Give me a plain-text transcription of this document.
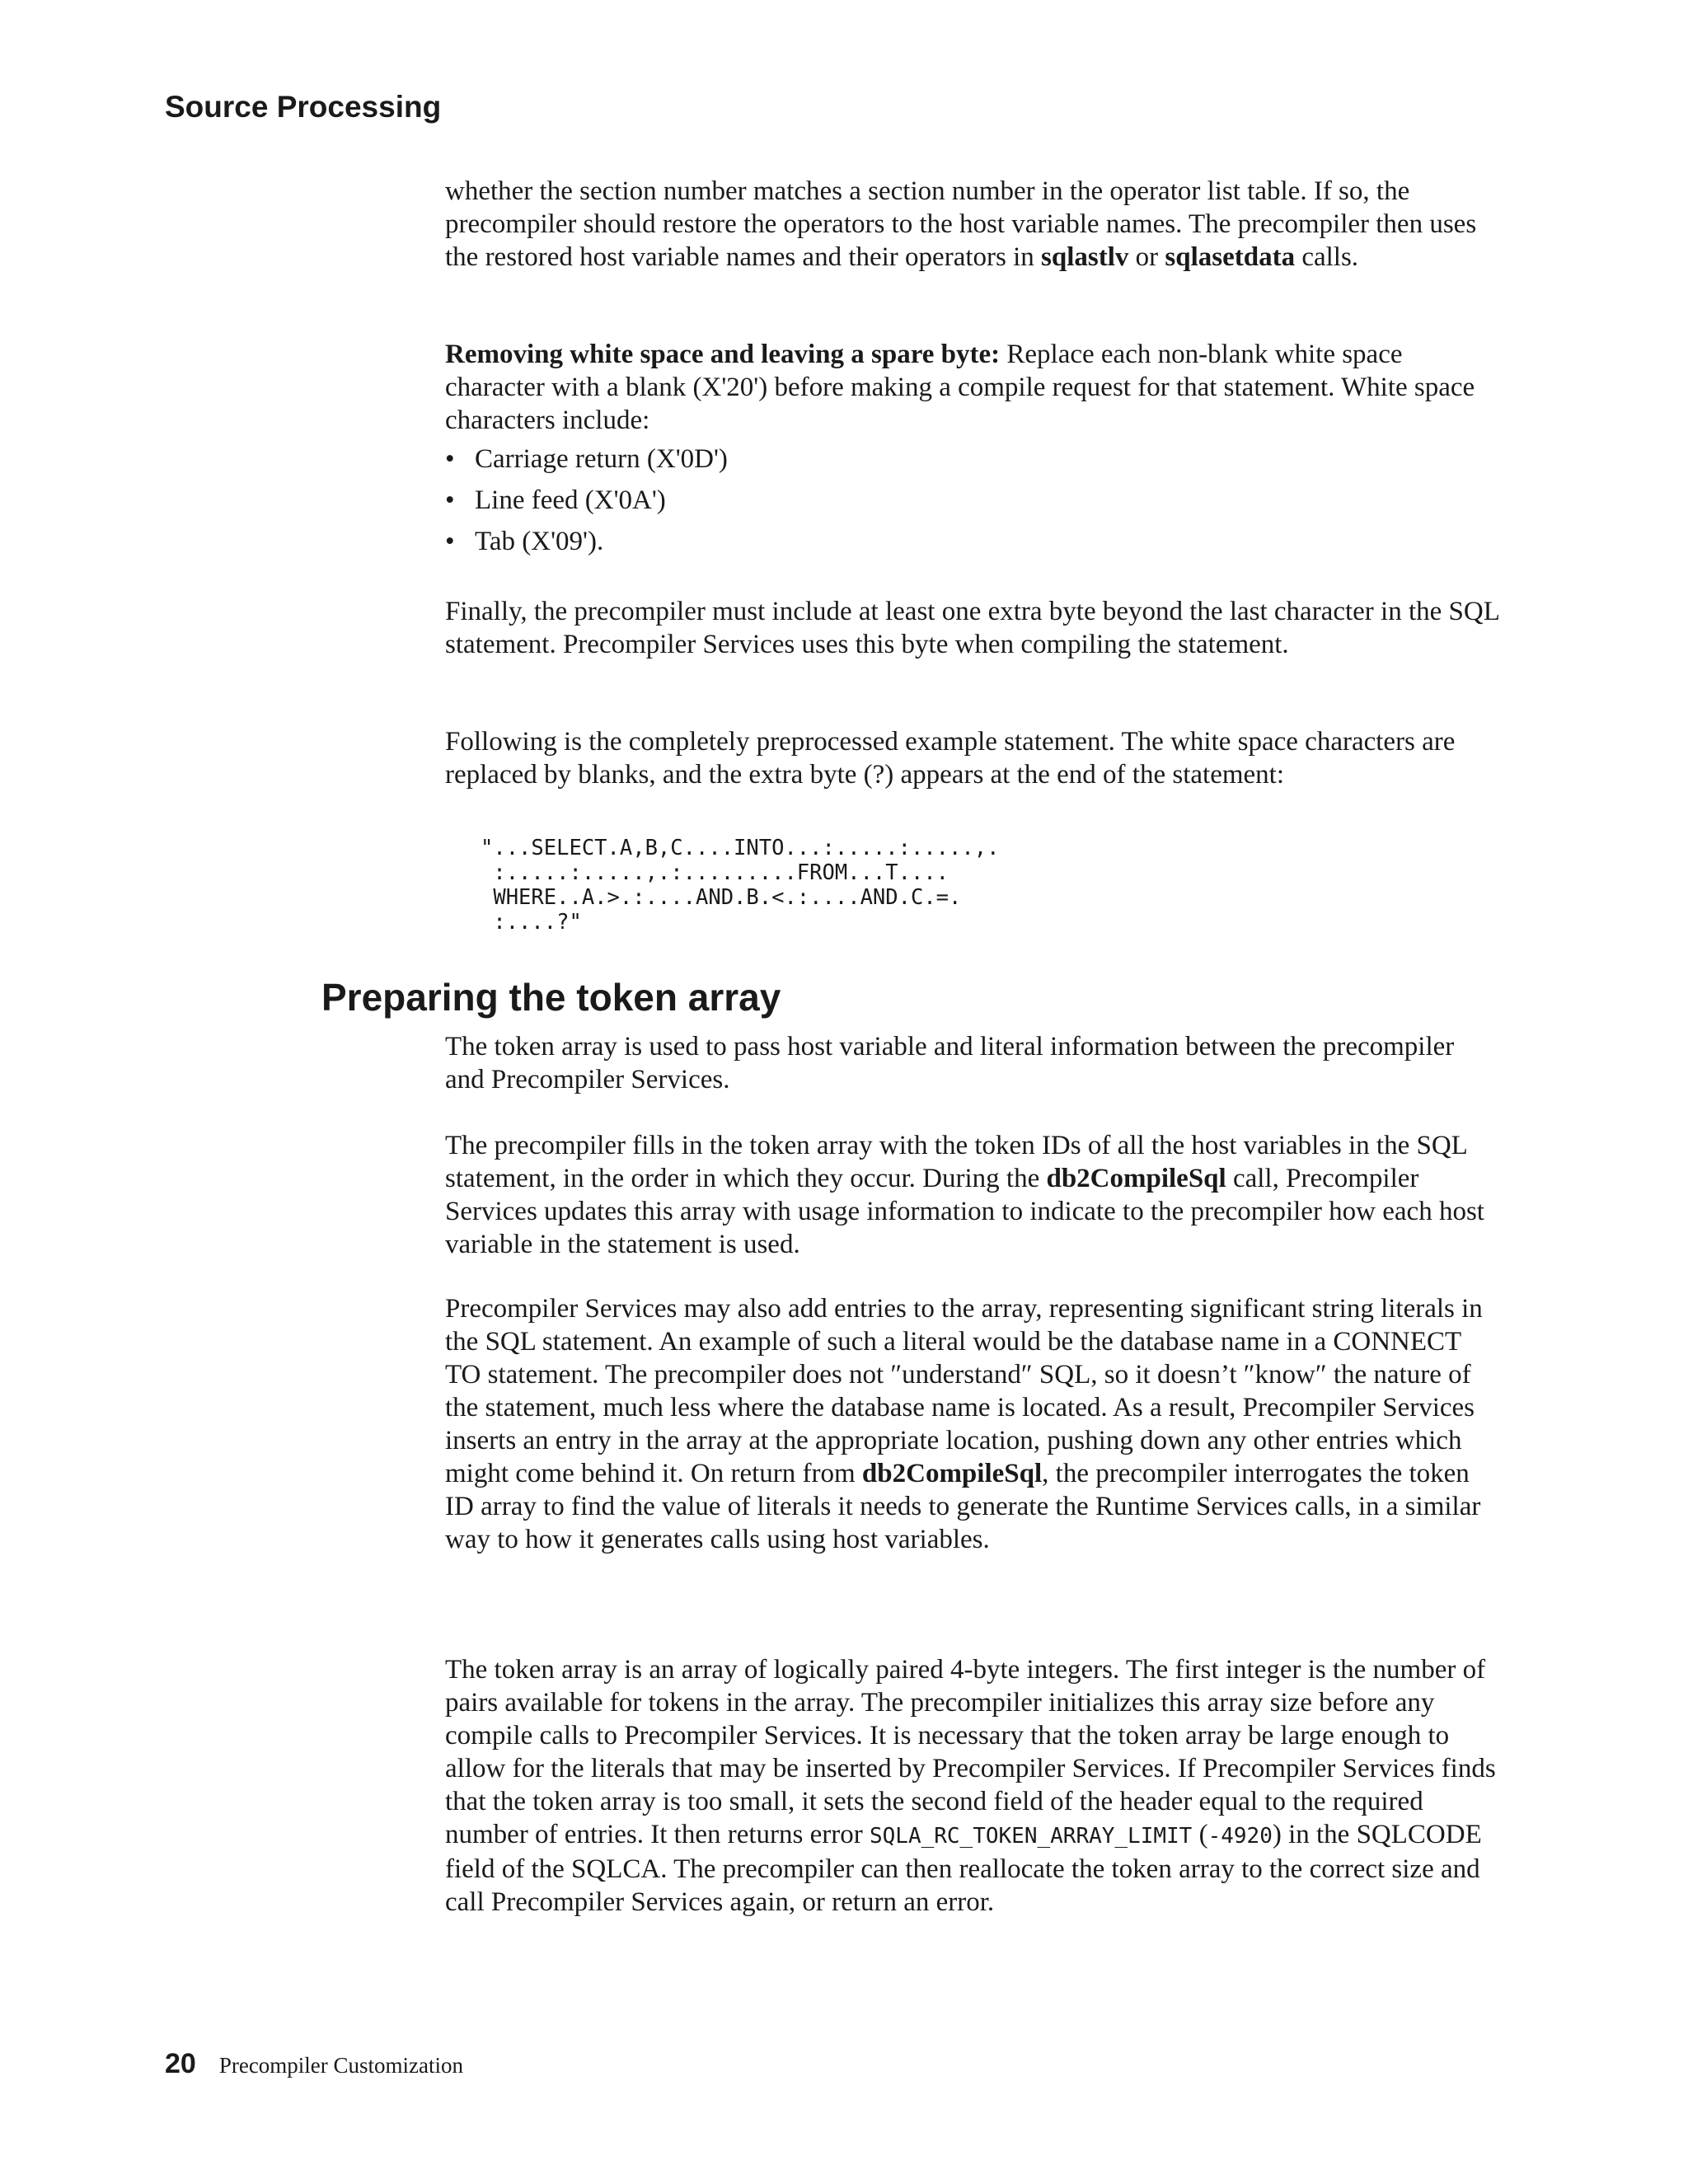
Source Processing

whether the section number matches a section number in the operator list table. If so, the precompiler should restore the operators to the host variable names. The precompiler then uses the restored host variable names and their operators in sqlastlv or sqlasetdata calls.

Removing white space and leaving a spare byte: Replace each non-blank white space character with a blank (X'20') before making a compile request for that statement. White space characters include:

• Carriage return (X'0D')
• Line feed (X'0A')
• Tab (X'09').

Finally, the precompiler must include at least one extra byte beyond the last character in the SQL statement. Precompiler Services uses this byte when compiling the statement.

Following is the completely preprocessed example statement. The white space characters are replaced by blanks, and the extra byte (?) appears at the end of the statement:

"...SELECT.A,B,C....INTO...:.....:.....,.
:.....:.....,.:.........FROM...T....
WHERE..A.>.:....AND.B.<.:....AND.C.=.
:....?"
Preparing the token array

The token array is used to pass host variable and literal information between the precompiler and Precompiler Services.

The precompiler fills in the token array with the token IDs of all the host variables in the SQL statement, in the order in which they occur. During the db2CompileSql call, Precompiler Services updates this array with usage information to indicate to the precompiler how each host variable in the statement is used.

Precompiler Services may also add entries to the array, representing significant string literals in the SQL statement. An example of such a literal would be the database name in a CONNECT TO statement. The precompiler does not ″understand″ SQL, so it doesn’t ″know″ the nature of the statement, much less where the database name is located. As a result, Precompiler Services inserts an entry in the array at the appropriate location, pushing down any other entries which might come behind it. On return from db2CompileSql, the precompiler interrogates the token ID array to find the value of literals it needs to generate the Runtime Services calls, in a similar way to how it generates calls using host variables.

The token array is an array of logically paired 4-byte integers. The first integer is the number of pairs available for tokens in the array. The precompiler initializes this array size before any compile calls to Precompiler Services. It is necessary that the token array be large enough to allow for the literals that may be inserted by Precompiler Services. If Precompiler Services finds that the token array is too small, it sets the second field of the header equal to the required number of entries. It then returns error SQLA_RC_TOKEN_ARRAY_LIMIT (-4920) in the SQLCODE field of the SQLCA. The precompiler can then reallocate the token array to the correct size and call Precompiler Services again, or return an error.

20 Precompiler Customization
